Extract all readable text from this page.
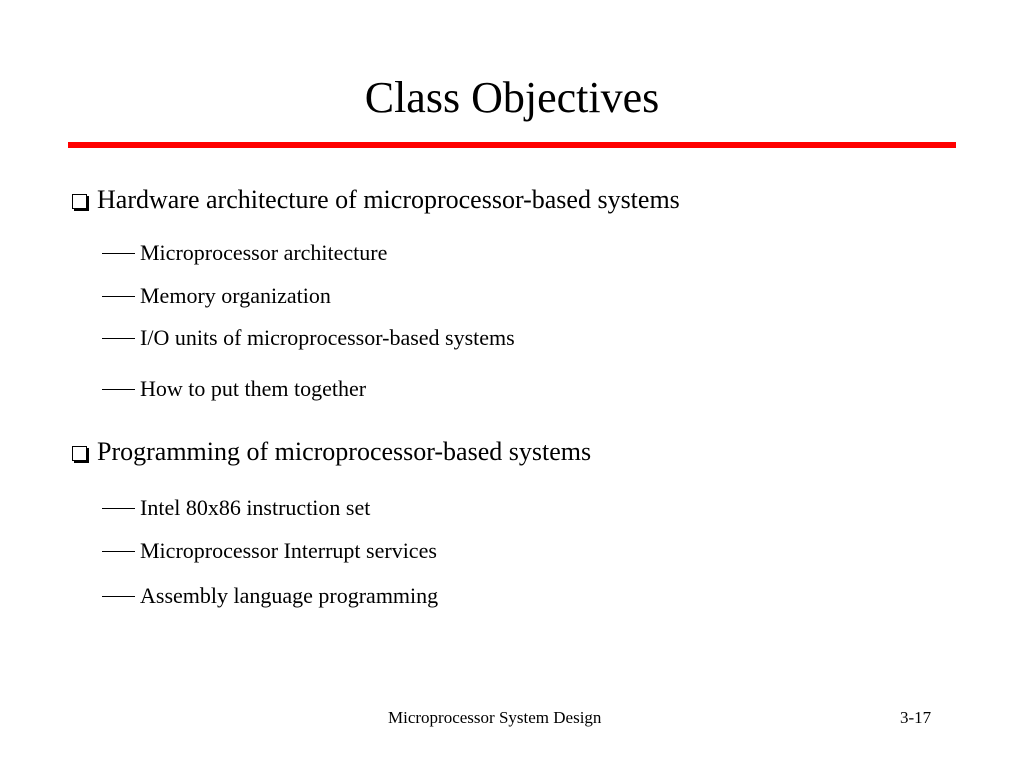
Class Objectives
Hardware architecture of microprocessor-based systems
Microprocessor architecture
Memory organization
I/O units of microprocessor-based systems
How to put them together
Programming of microprocessor-based systems
Intel 80x86 instruction set
Microprocessor Interrupt services
Assembly language programming
Microprocessor System Design	3-17
